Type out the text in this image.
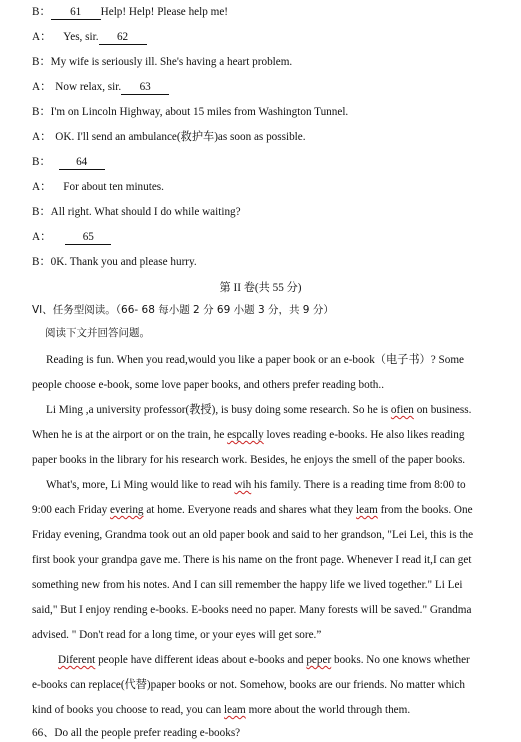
B： 61 Help! Help! Please help me!
A： Yes, sir. 62
B：My wife is seriously ill. She's having a heart problem.
A： Now relax, sir. 63
B：I'm on Lincoln Highway, about 15 miles from Washington Tunnel.
A： OK. I'll send an ambulance(救护车)as soon as possible.
B： 64
A： For about ten minutes.
B：All right. What should I do while waiting?
A：	65
B：0K. Thank you and please hurry.
第 II 卷(共 55 分)
VI、任务型阅读。（66- 68 每小题 2 分 69 小题 3 分，共 9 分）
阅读下文并回答问题。
Reading is fun. When you read,would you like a paper book or an e-book（电子书）? Some
people choose e-book, some love paper books, and others prefer reading both..
Li Ming ,a university professor(教授), is busy doing some research. So he is ofien on business.
When he is at the airport or on the train, he espcally loves reading e-books. He also likes reading
paper books in the library for his research work. Besides, he enjoys the smell of the paper books.
What's, more, Li Ming would like to read wih his family. There is a reading time from 8:00 to
9:00 each Friday evering at home. Everyone reads and shares what they leam from the books. One
Friday evening, Grandma took out an old paper book and said to her grandson, "Lei Lei, this is the
first book your grandpa gave me. There is his name on the front page. Whenever I read it,I can get
something new from his notes. And I can sill remember the happy life we lived together." Li Lei
said," But I enjoy rending e-books. E-books need no paper. Many forests will be saved." Grandma
advised. " Don't read for a long time, or your eyes will get sore.”
Diferent people have different ideas about e-books and peper books. No one knows whether
e-books can replace(代替)paper books or not. Somehow, books are our friends. No matter which
kind of books you choose to read, you can leam more about the world through them.
66、Do all the people prefer reading e-books?
